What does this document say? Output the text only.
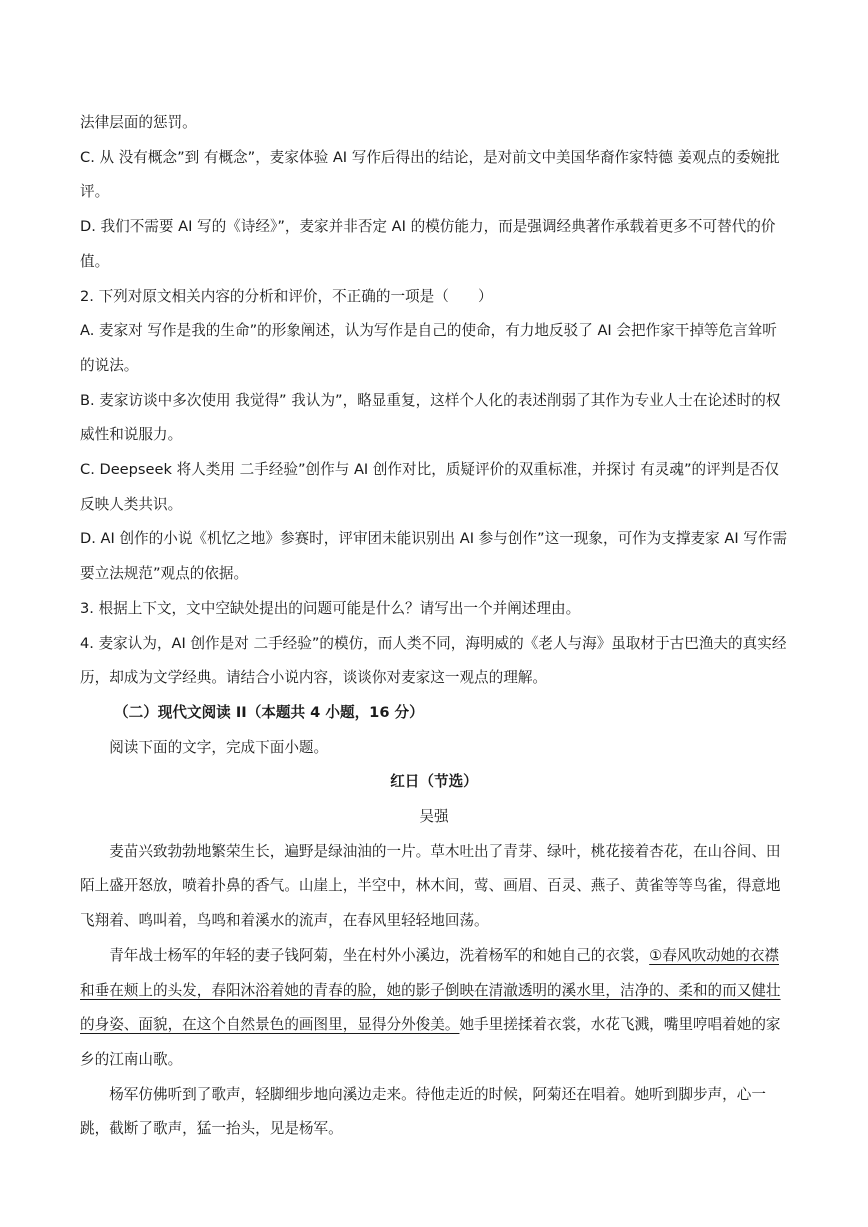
法律层面的惩罚。

C. 从 没有概念”到 有概念”，麦家体验 AI 写作后得出的结论，是对前文中美国华裔作家特德 姜观点的委婉批评。

D. 我们不需要 AI 写的《诗经》”，麦家并非否定 AI 的模仿能力，而是强调经典著作承载着更多不可替代的价值。

2. 下列对原文相关内容的分析和评价，不正确的一项是（　　）

A. 麦家对 写作是我的生命”的形象阐述，认为写作是自己的使命，有力地反驳了 AI 会把作家干掉等危言耸听的说法。

B. 麦家访谈中多次使用 我觉得” 我认为”，略显重复，这样个人化的表述削弱了其作为专业人士在论述时的权威性和说服力。

C. Deepseek 将人类用 二手经验”创作与 AI 创作对比，质疑评价的双重标准，并探讨 有灵魂”的评判是否仅反映人类共识。

D. AI 创作的小说《机忆之地》参赛时，评审团未能识别出 AI 参与创作”这一现象，可作为支撑麦家 AI 写作需要立法规范”观点的依据。

3. 根据上下文，文中空缺处提出的问题可能是什么？请写出一个并阐述理由。

4. 麦家认为，AI 创作是对 二手经验”的模仿，而人类不同，海明威的《老人与海》虽取材于古巴渔夫的真实经历，却成为文学经典。请结合小说内容，谈谈你对麦家这一观点的理解。

（二）现代文阅读 II（本题共 4 小题，16 分）

阅读下面的文字，完成下面小题。

红日（节选）

吴强

麦苗兴致勃勃地繁荣生长，遍野是绿油油的一片。草木吐出了青芽、绿叶，桃花接着杏花，在山谷间、田陌上盛开怒放，喷着扑鼻的香气。山崖上，半空中，林木间，莺、画眉、百灵、燕子、黄雀等等鸟雀，得意地飞翔着、鸣叫着，鸟鸣和着溪水的流声，在春风里轻轻地回荡。

青年战士杨军的年轻的妻子钱阿菊，坐在村外小溪边，洗着杨军的和她自己的衣裳，①春风吹动她的衣襟和垂在颊上的头发，春阳沐浴着她的青春的脸，她的影子倒映在清澈透明的溪水里，洁净的、柔和的而又健壮的身姿、面貌，在这个自然景色的画图里，显得分外俊美。她手里搓揉着衣裳，水花飞溅，嘴里哼唱着她的家乡的江南山歌。

杨军仿佛听到了歌声，轻脚细步地向溪边走来。待他走近的时候，阿菊还在唱着。她听到脚步声，心一跳，截断了歌声，猛一抬头，见是杨军。
